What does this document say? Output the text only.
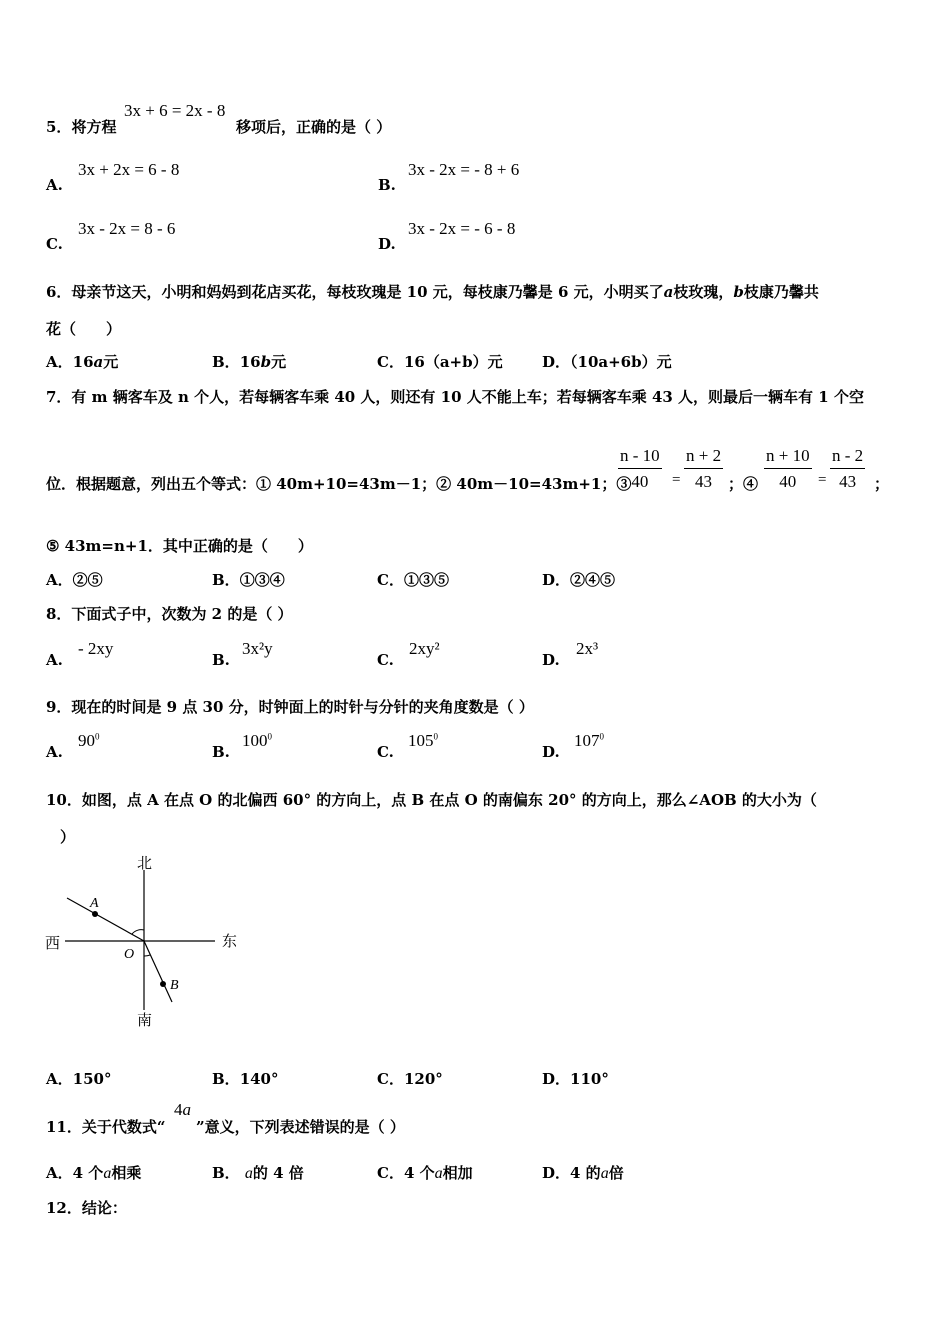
5．将方程
3x + 6 = 2x - 8
移项后，正确的是（ ）
A.
3x + 2x = 6 - 8
B.
3x - 2x = - 8 + 6
C.
3x - 2x = 8 - 6
D.
3x - 2x = - 6 - 8
6．母亲节这天，小明和妈妈到花店买花，每枝玫瑰是 10 元，每枝康乃馨是 6 元，小明买了a枝玫瑰，b枝康乃馨共
花（　　）
A．16a元	B．16b元	C．16（a+b）元	D．（10a+6b）元
7．有 m 辆客车及 n 个人，若每辆客车乘 40 人，则还有 10 人不能上车；若每辆客车乘 43 人，则最后一辆车有 1 个空
位．根据题意，列出五个等式：① 40m+10=43m－1；② 40m－10=43m+1；③
n - 10
40	=
n + 2
43	；④
n + 10
40	=
n - 2
43	；
⑤ 43m=n+1．其中正确的是（　　）
A．②⑤	B．①③④	C．①③⑤	D．②④⑤
8．下面式子中，次数为 2 的是（ ）
A.
- 2xy
B.
3x²y
C.
2xy²
D.
2x³
9．现在的时间是 9 点 30 分，时钟面上的时针与分针的夹角度数是（ ）
A.
$90^0$
B.
$100^0$
C.
$105^0$
D.
$107^0$
10．如图，点 A 在点 O 的北偏西 60° 的方向上，点 B 在点 O 的南偏东 20° 的方向上，那么∠AOB 的大小为（
）
北
南
西	东
A
B
O
A．150°	B．140°	C．120°	D．110°
11．关于代数式“
4a
”意义，下列表述错误的是（ ）
A．4 个a相乘	B． a的 4 倍	C．4 个a相加	D．4 的a倍
12．结论：
